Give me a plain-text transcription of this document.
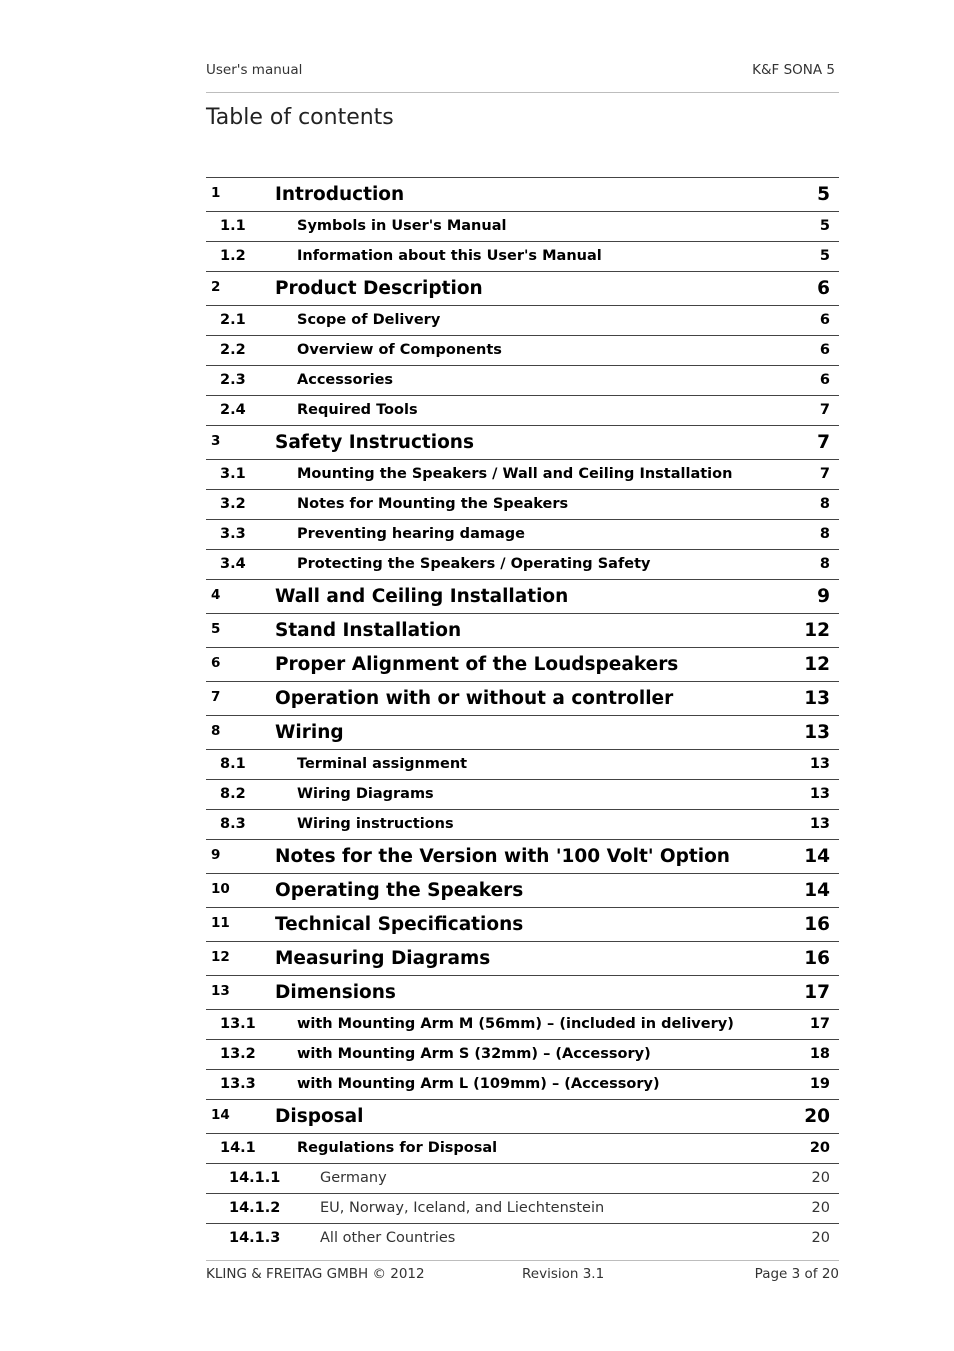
User's manual	K&F SONA 5
Table of contents
1	Introduction	5
1.1	Symbols in User's Manual	5
1.2	Information about this User's Manual	5
2	Product Description	6
2.1	Scope of Delivery	6
2.2	Overview of Components	6
2.3	Accessories	6
2.4	Required Tools	7
3	Safety Instructions	7
3.1	Mounting the Speakers / Wall and Ceiling Installation	7
3.2	Notes for Mounting the Speakers	8
3.3	Preventing hearing damage	8
3.4	Protecting the Speakers / Operating Safety	8
4	Wall and Ceiling Installation	9
5	Stand Installation	12
6	Proper Alignment of the Loudspeakers	12
7	Operation with or without a controller	13
8	Wiring	13
8.1	Terminal assignment	13
8.2	Wiring Diagrams	13
8.3	Wiring instructions	13
9	Notes for the Version with '100 Volt' Option	14
10 Operating the Speakers	14
11 Technical Specifications	16
12 Measuring Diagrams	16
13 Dimensions	17
13.1	with Mounting Arm M (56mm) – (included in delivery)	17
13.2	with Mounting Arm S (32mm) – (Accessory)	18
13.3	with Mounting Arm L (109mm) – (Accessory)	19
14 Disposal	20
14.1	Regulations for Disposal	20
14.1.1	Germany	20
14.1.2	EU, Norway, Iceland, and Liechtenstein	20
14.1.3	All other Countries	20
KLING & FREITAG GMBH © 2012	Revision 3.1	Page 3 of 20
